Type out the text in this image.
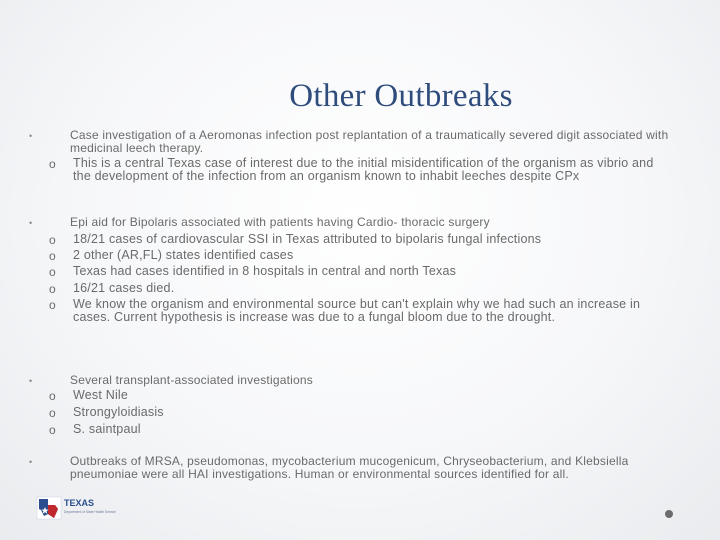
Other Outbreaks
•	Case investigation of a Aeromonas infection post replantation of a traumatically severed digit associated with medicinal leech therapy.
o This is a central Texas case of interest due to the initial misidentification of the organism as vibrio and the development of the infection from an organism known to inhabit leeches despite CPx
•	Epi aid for Bipolaris associated with patients having Cardio- thoracic surgery
o 18/21 cases of cardiovascular SSI in Texas attributed to bipolaris fungal infections
o 2 other (AR,FL) states identified cases
o Texas had cases identified in 8 hospitals in central and north Texas
o 16/21 cases died.
o We know the organism and environmental source but can't explain why we had such an increase in cases. Current hypothesis is increase was due to a fungal bloom due to the drought.
•	Several transplant-associated investigations
o West Nile
o Strongyloidiasis
o S. saintpaul
•	Outbreaks of MRSA, pseudomonas, mycobacterium mucogenicum, Chryseobacterium, and Klebsiella pneumoniae were all HAI investigations. Human or environmental sources identified for all.
TEXAS
Department of State Health Services
